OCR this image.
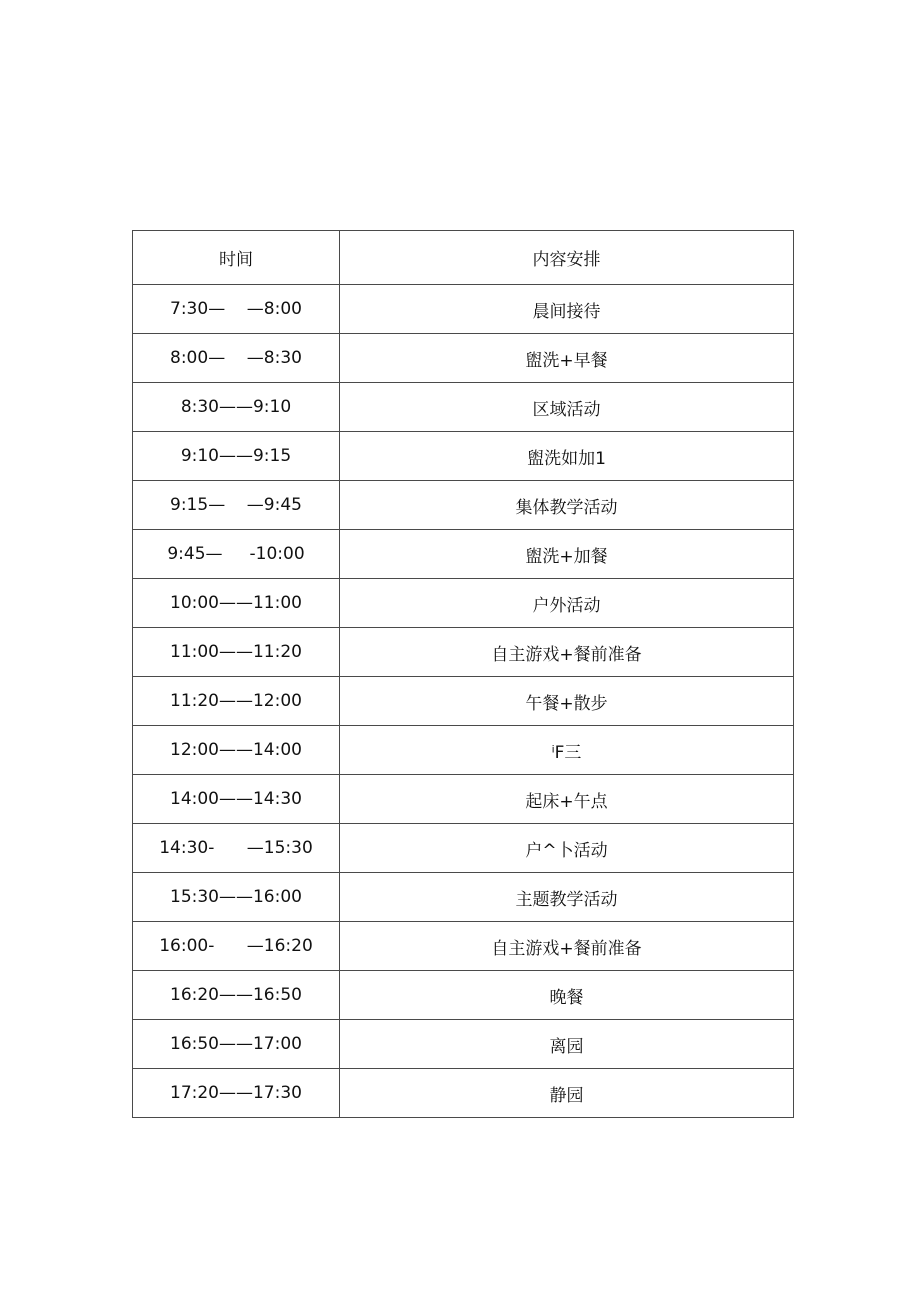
时间	内容安排
7:30—    —8:00	晨间接待
8:00—    —8:30	盥洗+早餐
8:30——9:10	区域活动
9:10——9:15	盥洗如加1
9:15—    —9:45	集体教学活动
9:45—     -10:00	盥洗+加餐
10:00——11:00	户外活动
11:00——11:20	自主游戏+餐前准备
11:20——12:00	午餐+散步
12:00——14:00	ⁱF三
14:00——14:30	起床+午点
14:30-      —15:30	户^卜活动
15:30——16:00	主题教学活动
16:00-      —16:20	自主游戏+餐前准备
16:20——16:50	晚餐
16:50——17:00	离园
17:20——17:30	静园
